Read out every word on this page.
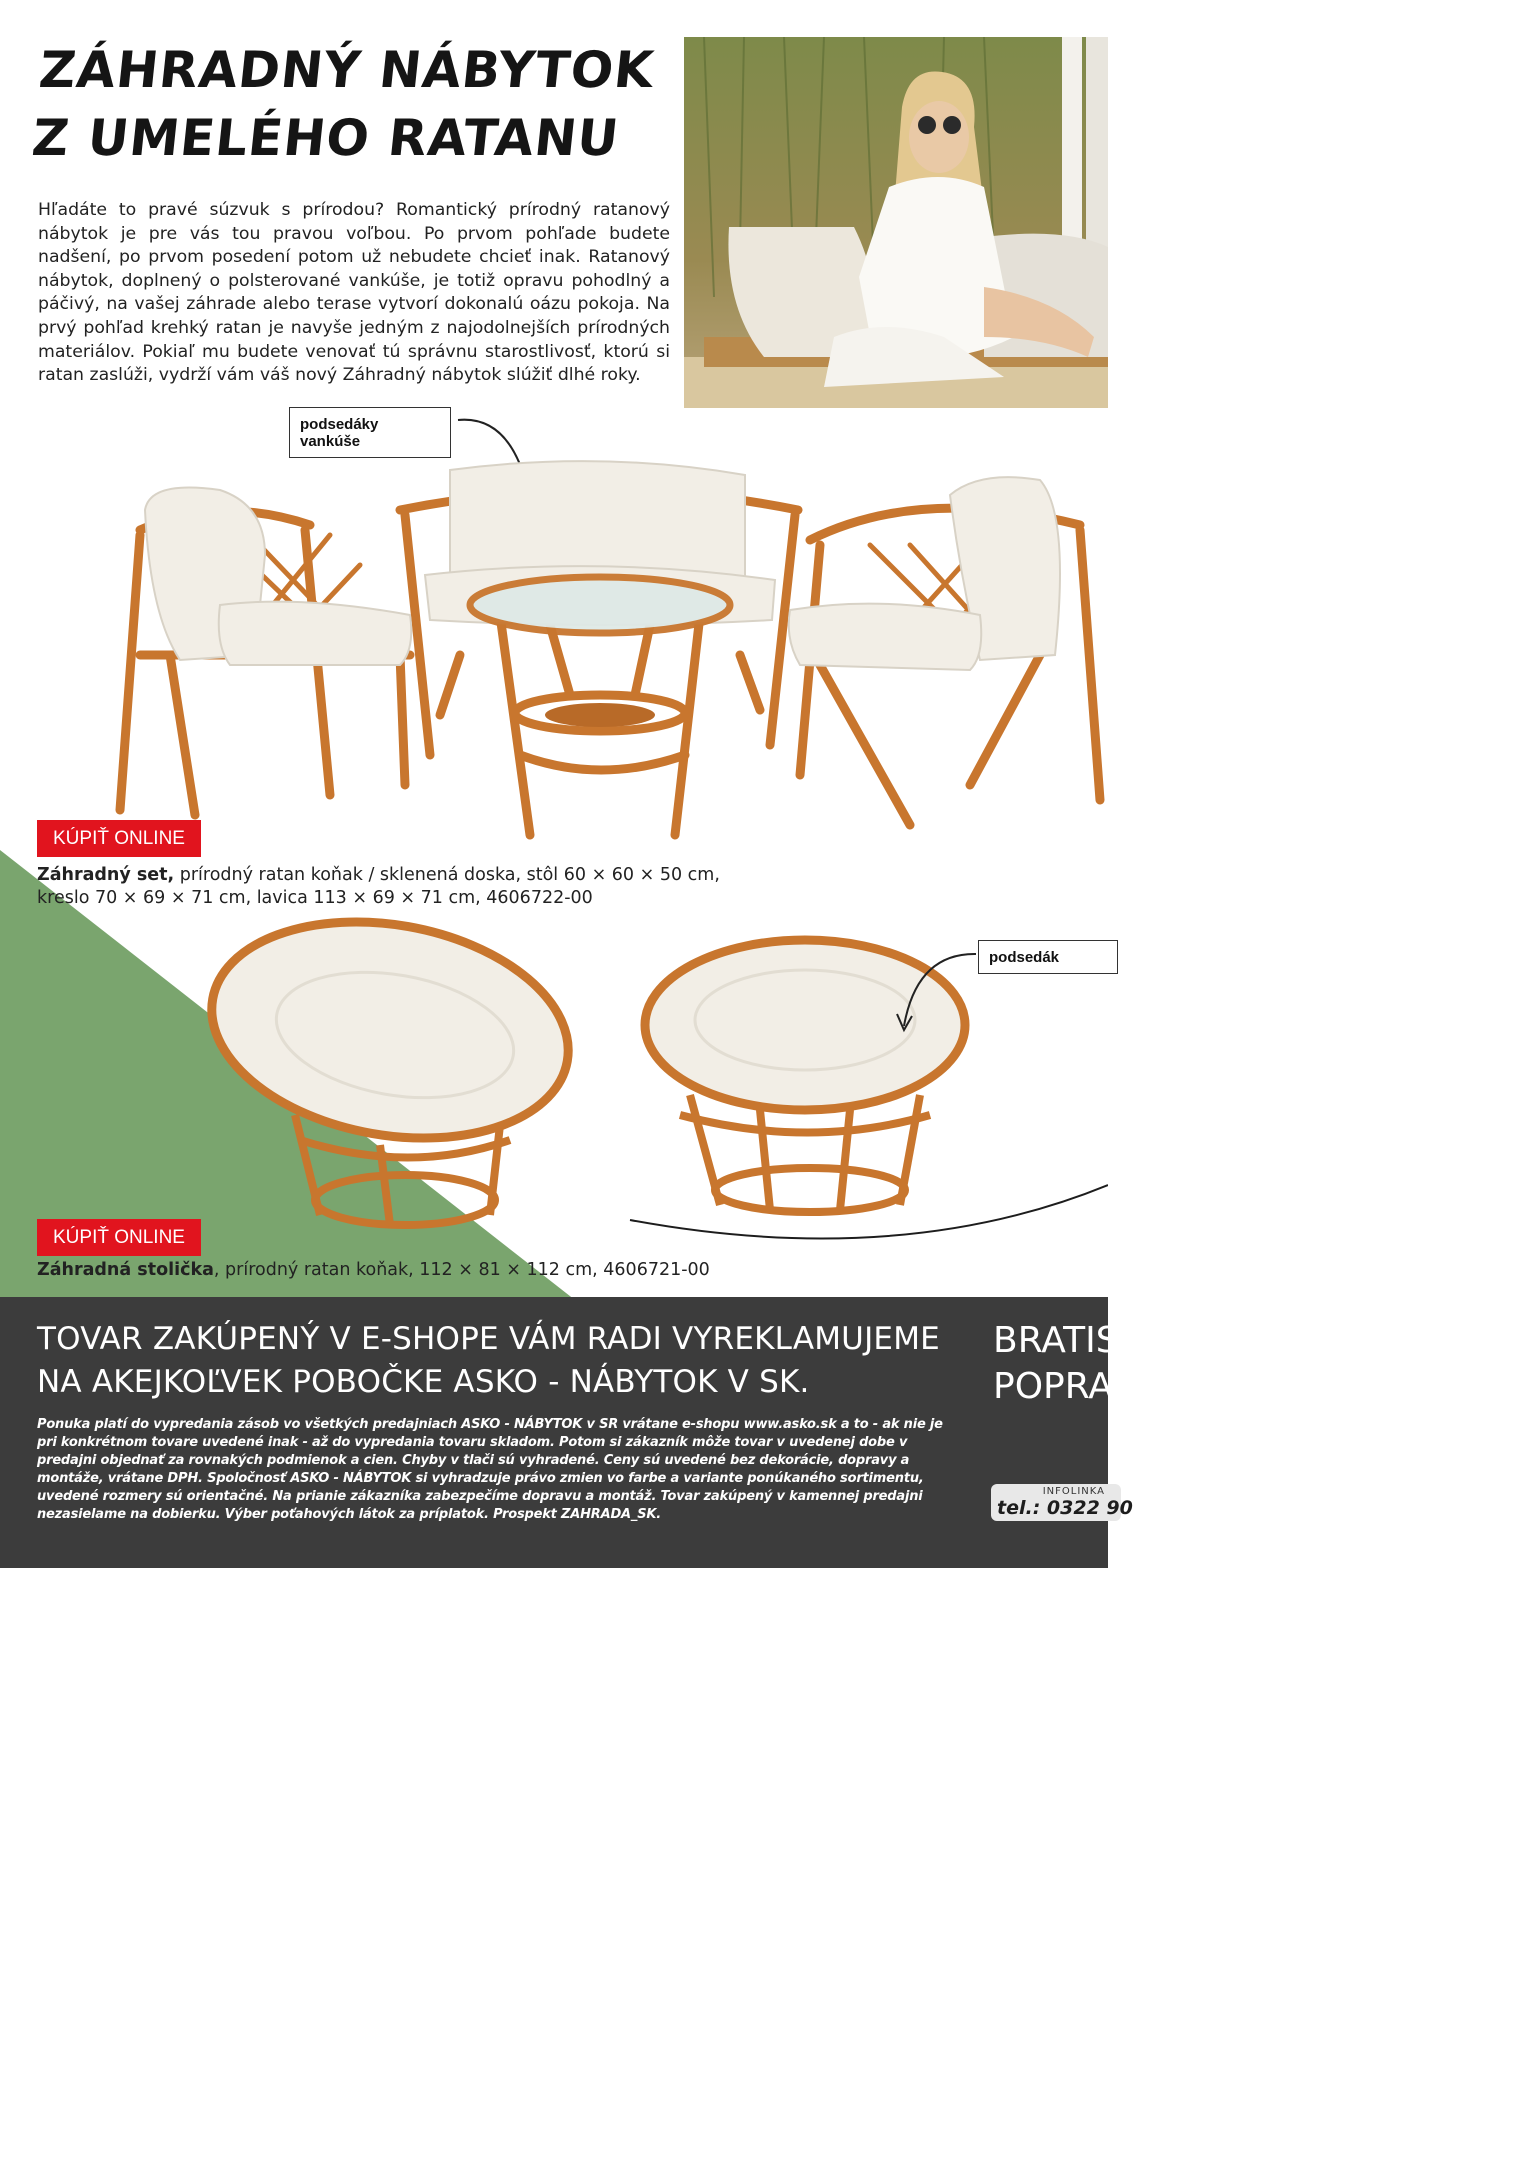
ZÁHRADNÝ NÁBYTOK
Z UMELÉHO RATANU

Hľadáte to pravé súzvuk s prírodou? Romantický prírodný ratanový nábytok je pre vás tou pravou voľbou. Po prvom pohľade budete nadšení, po prvom posedení potom už nebudete chcieť inak. Ratanový nábytok, doplnený o polsterované vankúše, je totiž opravu pohodlný a páčivý, na vašej záhrade alebo terase vytvorí dokonalú oázu pokoja. Na prvý pohľad krehký ratan je navyše jedným z najodolnejších prírodných materiálov. Pokiaľ mu budete venovať tú správnu starostlivosť, ktorú si ratan zaslúži, vydrží vám váš nový Záhradný nábytok slúžiť dlhé roky.

podsedáky
vankúše
KÚPIŤ ONLINE
Záhradný set, prírodný ratan koňak / sklenená doska, stôl 60 × 60 × 50 cm, kreslo 70 × 69 × 71 cm, lavica 113 × 69 × 71 cm, 4606722-00
podsedák
KÚPIŤ ONLINE
Záhradná stolička, prírodný ratan koňak, 112 × 81 × 112 cm, 4606721-00
TOVAR ZAKÚPENÝ V E-SHOPE VÁM RADI VYREKLAMUJEME
NA AKEJKOĽVEK POBOČKE ASKO - NÁBYTOK V SK.
BRATIS
POPRA

Ponuka platí do vypredania zásob vo všetkých predajniach ASKO - NÁBYTOK v SR vrátane e-shopu www.asko.sk a to - ak nie je pri konkrétnom tovare uvedené inak - až do vypredania tovaru skladom. Potom si zákazník môže tovar v uvedenej dobe v predajni objednať za rovnakých podmienok a cien. Chyby v tlači sú vyhradené. Ceny sú uvedené bez dekorácie, dopravy a montáže, vrátane DPH. Spoločnosť ASKO - NÁBYTOK si vyhradzuje právo zmien vo farbe a variante ponúkaného sortimentu, uvedené rozmery sú orientačné. Na prianie zákazníka zabezpečíme dopravu a montáž. Tovar zakúpený v kamennej predajni nezasielame na dobierku. Výber poťahových látok za príplatok. Prospekt ZAHRADA_SK.

INFOLINKA
tel.: 0322 90
